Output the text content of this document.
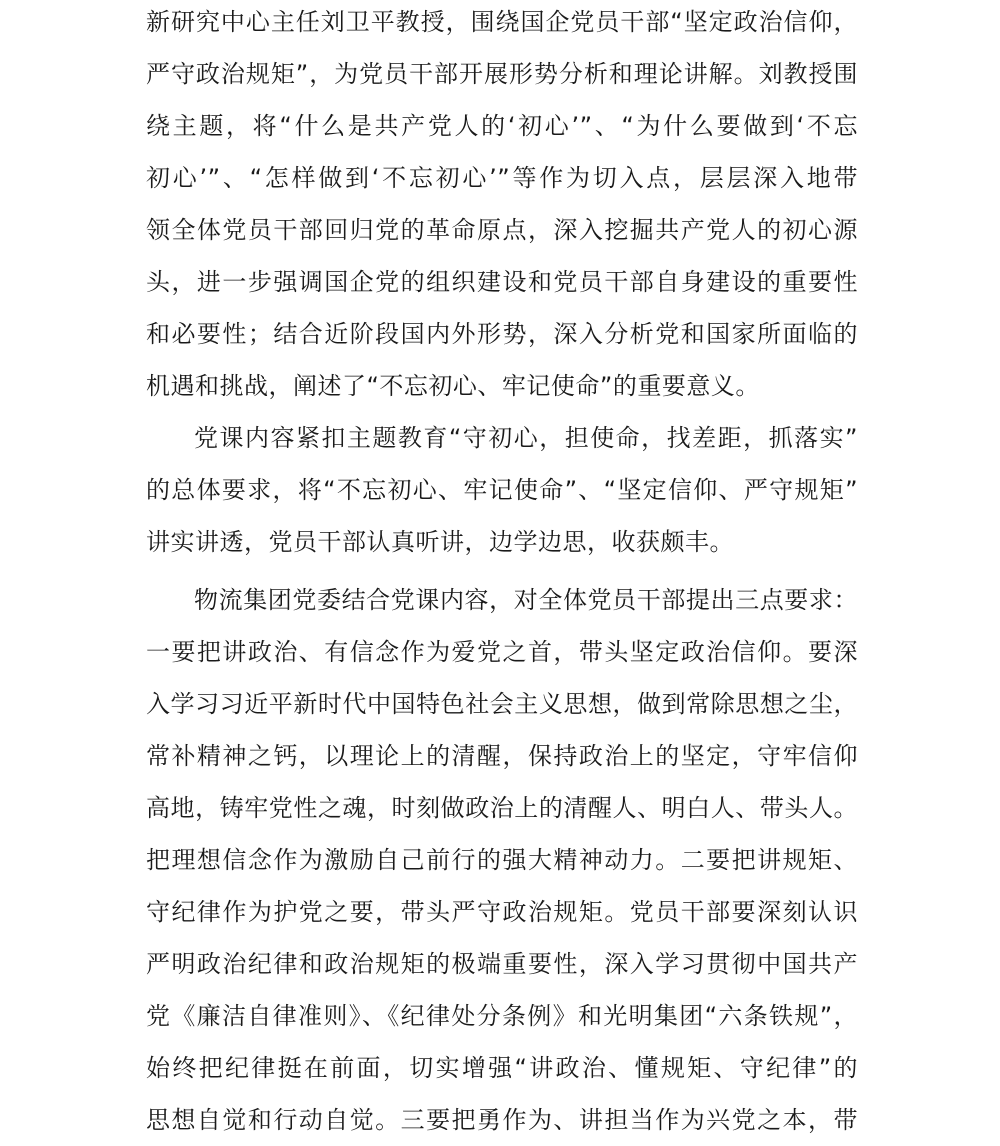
新研究中心主任刘卫平教授，围绕国企党员干部“坚定政治信仰，
严守政治规矩”，为党员干部开展形势分析和理论讲解。刘教授围
绕主题，将“什么是共产党人的‘初心’”、“为什么要做到‘不忘
初心’”、“怎样做到‘不忘初心’”等作为切入点，层层深入地带
领全体党员干部回归党的革命原点，深入挖掘共产党人的初心源
头，进一步强调国企党的组织建设和党员干部自身建设的重要性
和必要性；结合近阶段国内外形势，深入分析党和国家所面临的
机遇和挑战，阐述了“不忘初心、牢记使命”的重要意义。
党课内容紧扣主题教育“守初心，担使命，找差距，抓落实”
的总体要求，将“不忘初心、牢记使命”、“坚定信仰、严守规矩”
讲实讲透，党员干部认真听讲，边学边思，收获颇丰。
物流集团党委结合党课内容，对全体党员干部提出三点要求：
一要把讲政治、有信念作为爱党之首，带头坚定政治信仰。要深
入学习习近平新时代中国特色社会主义思想，做到常除思想之尘，
常补精神之钙，以理论上的清醒，保持政治上的坚定，守牢信仰
高地，铸牢党性之魂，时刻做政治上的清醒人、明白人、带头人。
把理想信念作为激励自己前行的强大精神动力。二要把讲规矩、
守纪律作为护党之要，带头严守政治规矩。党员干部要深刻认识
严明政治纪律和政治规矩的极端重要性，深入学习贯彻中国共产
党《廉洁自律准则》、《纪律处分条例》和光明集团“六条铁规”，
始终把纪律挺在前面，切实增强“讲政治、懂规矩、守纪律”的
思想自觉和行动自觉。三要把勇作为、讲担当作为兴党之本，带
